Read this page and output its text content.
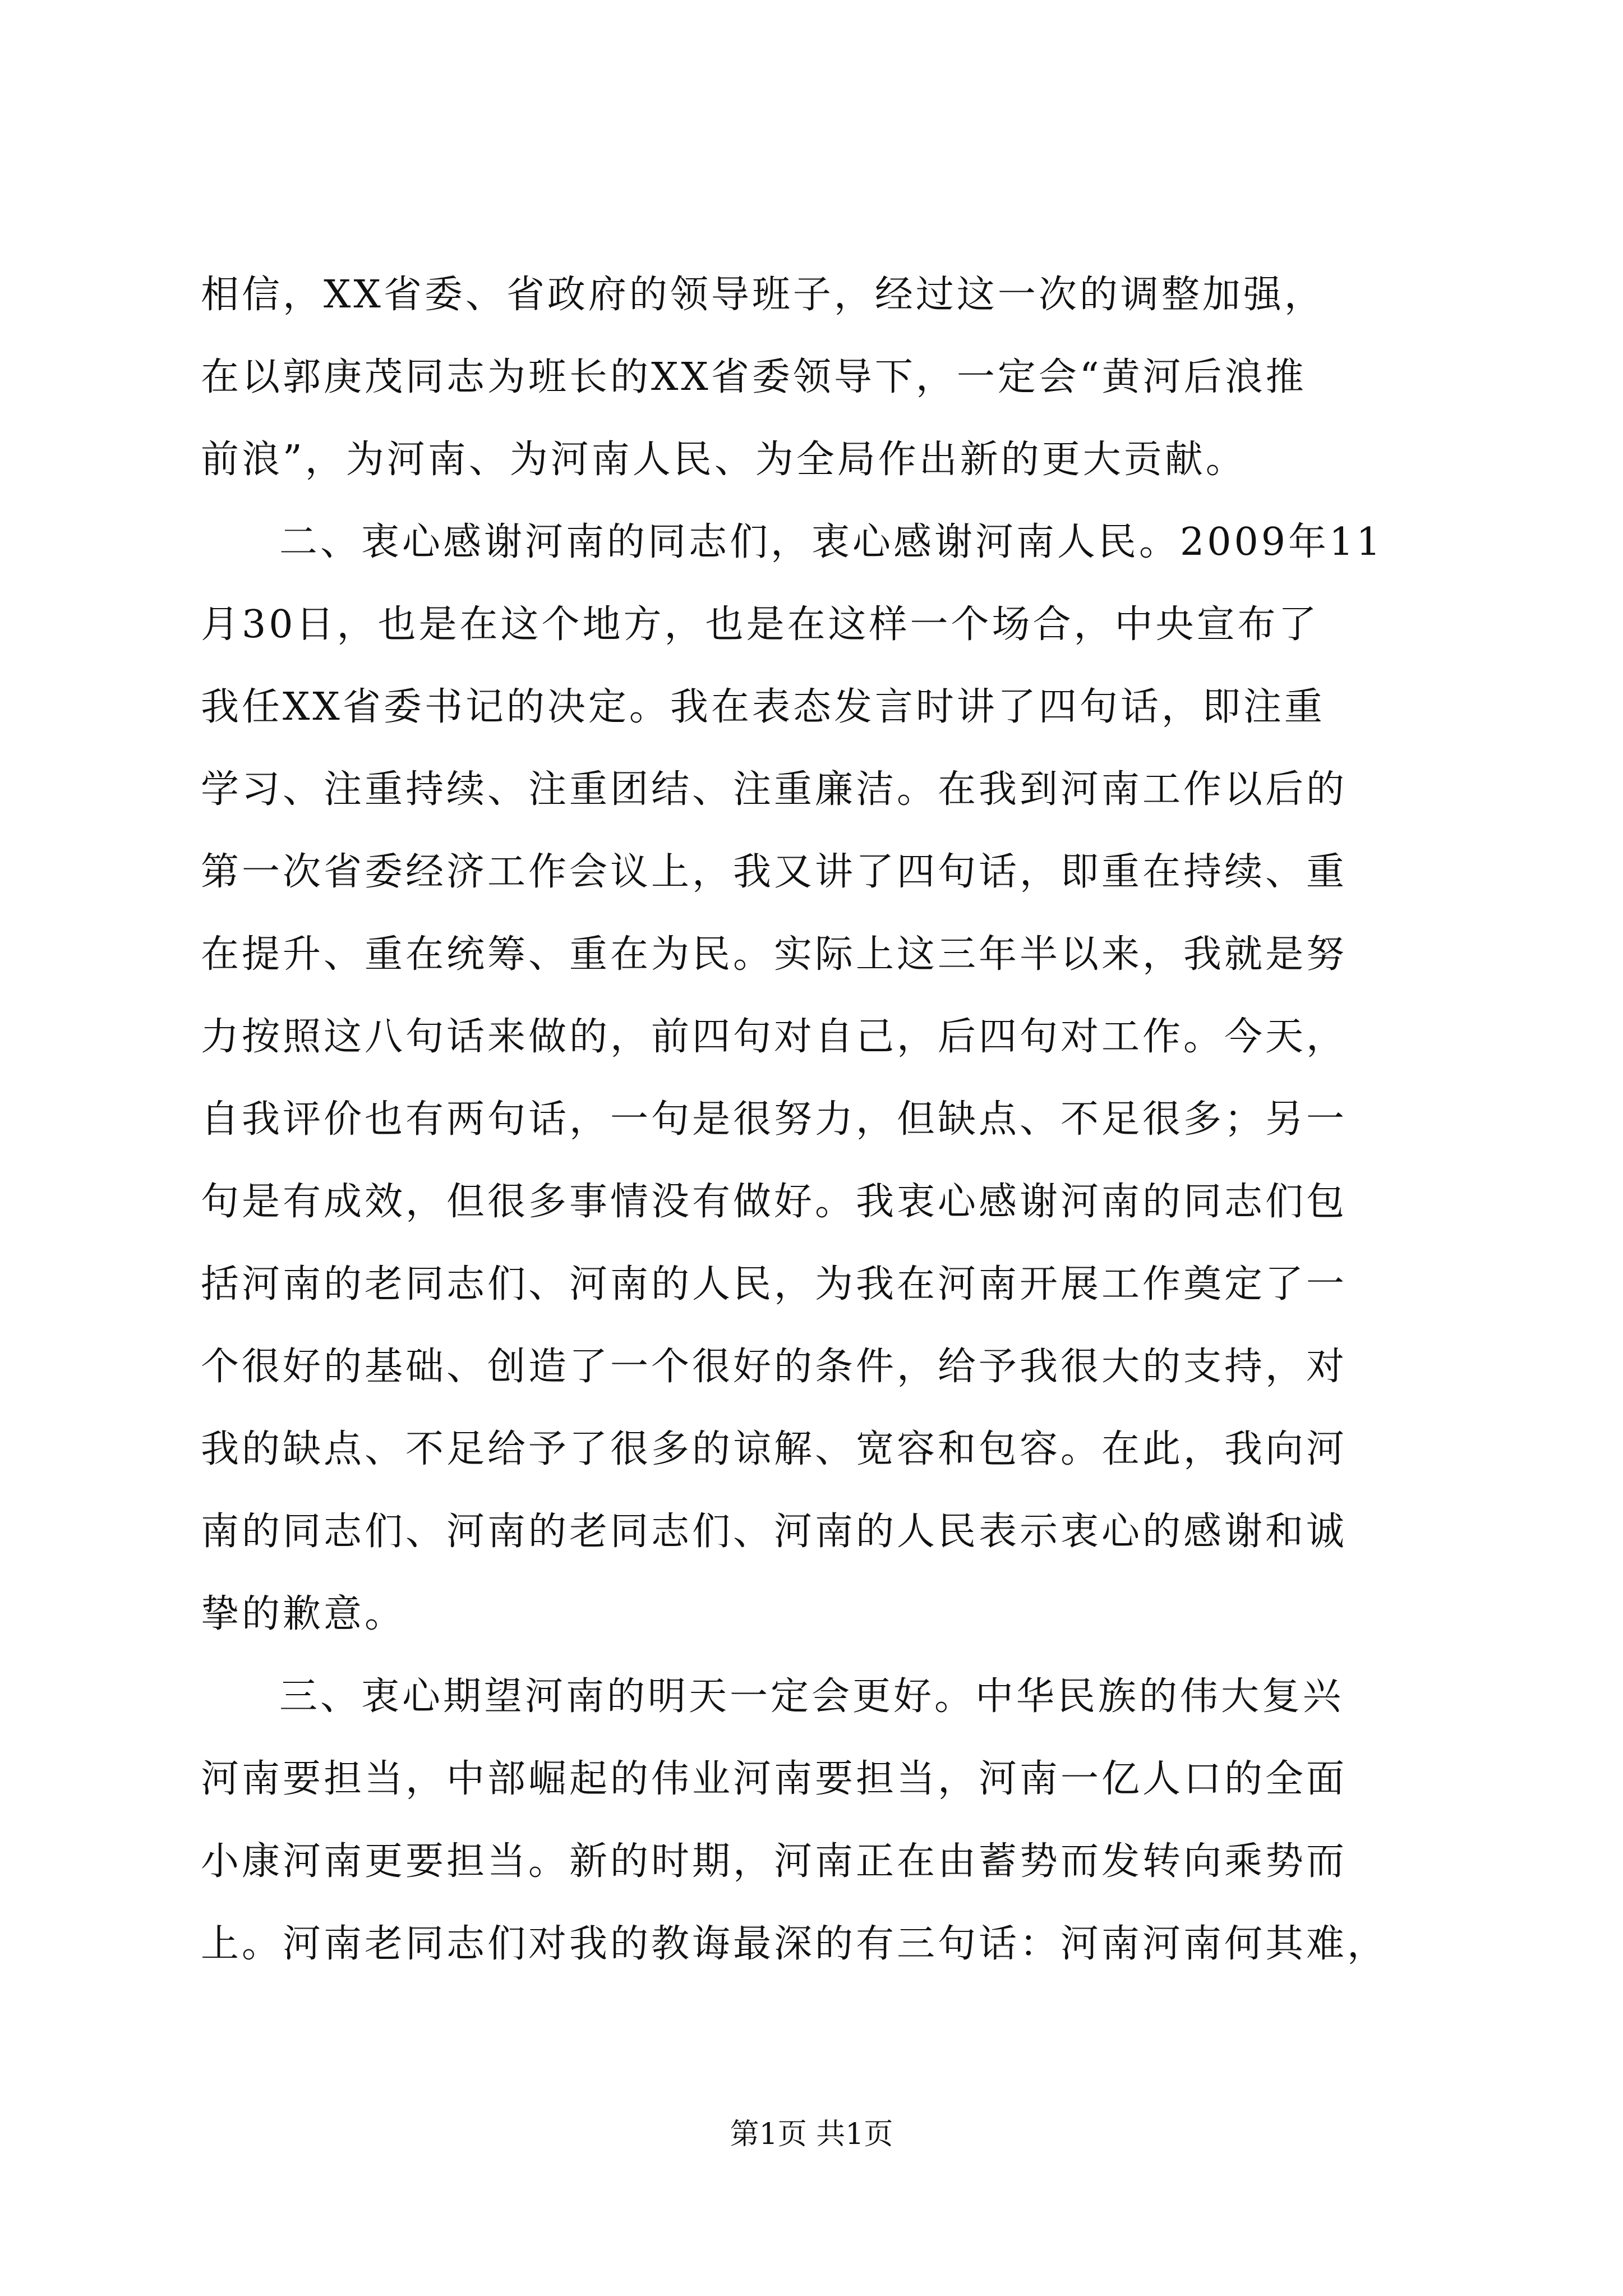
相信，XX省委、省政府的领导班子，经过这一次的调整加强，
在以郭庚茂同志为班长的XX省委领导下，一定会“黄河后浪推
前浪”，为河南、为河南人民、为全局作出新的更大贡献。
二、衷心感谢河南的同志们，衷心感谢河南人民。2009年11
月30日，也是在这个地方，也是在这样一个场合，中央宣布了
我任XX省委书记的决定。我在表态发言时讲了四句话，即注重
学习、注重持续、注重团结、注重廉洁。在我到河南工作以后的
第一次省委经济工作会议上，我又讲了四句话，即重在持续、重
在提升、重在统筹、重在为民。实际上这三年半以来，我就是努
力按照这八句话来做的，前四句对自己，后四句对工作。今天，
自我评价也有两句话，一句是很努力，但缺点、不足很多；另一
句是有成效，但很多事情没有做好。我衷心感谢河南的同志们包
括河南的老同志们、河南的人民，为我在河南开展工作奠定了一
个很好的基础、创造了一个很好的条件，给予我很大的支持，对
我的缺点、不足给予了很多的谅解、宽容和包容。在此，我向河
南的同志们、河南的老同志们、河南的人民表示衷心的感谢和诚
挚的歉意。
三、衷心期望河南的明天一定会更好。中华民族的伟大复兴
河南要担当，中部崛起的伟业河南要担当，河南一亿人口的全面
小康河南更要担当。新的时期，河南正在由蓄势而发转向乘势而
上。河南老同志们对我的教诲最深的有三句话：河南河南何其难，
第1页 共1页
